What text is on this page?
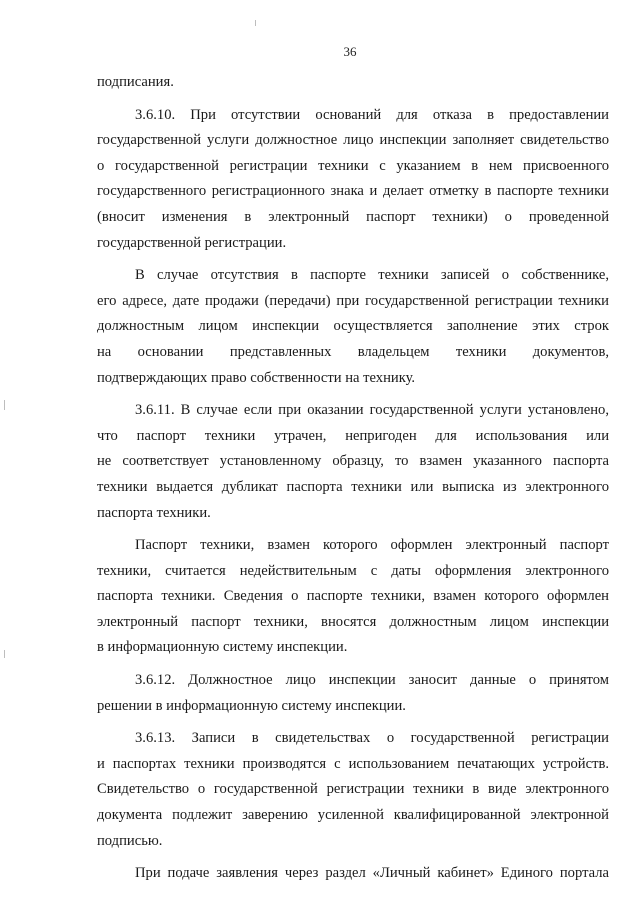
36
подписания.
3.6.10. При отсутствии оснований для отказа в предоставлении
государственной услуги должностное лицо инспекции заполняет свидетельство
о государственной регистрации техники с указанием в нем присвоенного
государственного регистрационного знака и делает отметку в паспорте техники
(вносит изменения в электронный паспорт техники) о проведенной
государственной регистрации.
В случае отсутствия в паспорте техники записей о собственнике,
его адресе, дате продажи (передачи) при государственной регистрации техники
должностным лицом инспекции осуществляется заполнение этих строк
на основании представленных владельцем техники документов,
подтверждающих право собственности на технику.
3.6.11. В случае если при оказании государственной услуги установлено,
что паспорт техники утрачен, непригоден для использования или
не соответствует установленному образцу, то взамен указанного паспорта
техники выдается дубликат паспорта техники или выписка из электронного
паспорта техники.
Паспорт техники, взамен которого оформлен электронный паспорт
техники, считается недействительным с даты оформления электронного
паспорта техники. Сведения о паспорте техники, взамен которого оформлен
электронный паспорт техники, вносятся должностным лицом инспекции
в информационную систему инспекции.
3.6.12. Должностное лицо инспекции заносит данные о принятом
решении в информационную систему инспекции.
3.6.13. Записи в свидетельствах о государственной регистрации
и паспортах техники производятся с использованием печатающих устройств.
Свидетельство о государственной регистрации техники в виде электронного
документа подлежит заверению усиленной квалифицированной электронной
подписью.
При подаче заявления через раздел «Личный кабинет» Единого портала
